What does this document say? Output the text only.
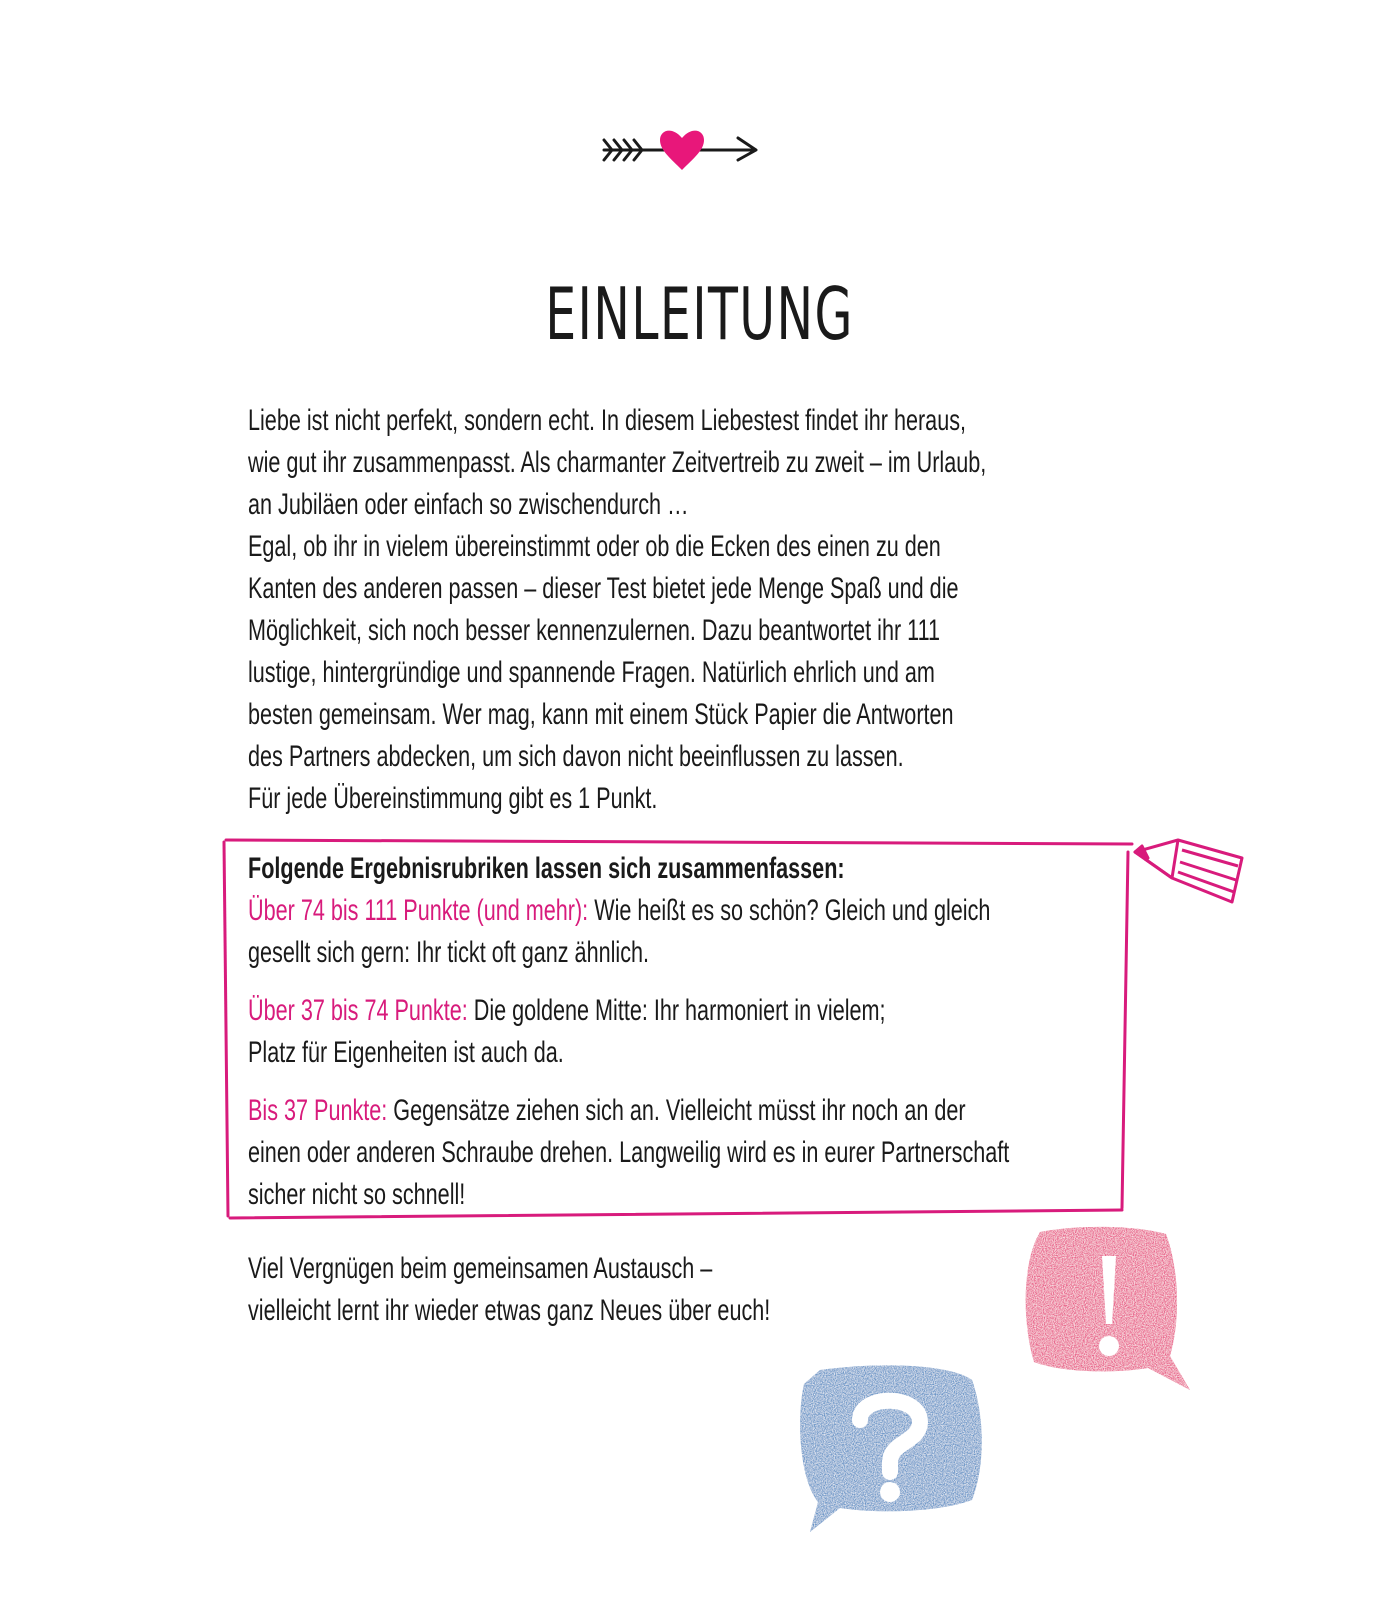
EINLEITUNG
Liebe ist nicht perfekt, sondern echt. In diesem Liebestest findet ihr heraus,
wie gut ihr zusammenpasst. Als charmanter Zeitvertreib zu zweit – im Urlaub,
an Jubiläen oder einfach so zwischendurch …
Egal, ob ihr in vielem übereinstimmt oder ob die Ecken des einen zu den
Kanten des anderen passen – dieser Test bietet jede Menge Spaß und die
Möglichkeit, sich noch besser kennenzulernen. Dazu beantwortet ihr 111
lustige, hintergründige und spannende Fragen. Natürlich ehrlich und am
besten gemeinsam. Wer mag, kann mit einem Stück Papier die Antworten
des Partners abdecken, um sich davon nicht beeinflussen zu lassen.
Für jede Übereinstimmung gibt es 1 Punkt.
Folgende Ergebnisrubriken lassen sich zusammenfassen:
Über 74 bis 111 Punkte (und mehr): Wie heißt es so schön? Gleich und gleich
gesellt sich gern: Ihr tickt oft ganz ähnlich.
Über 37 bis 74 Punkte: Die goldene Mitte: Ihr harmoniert in vielem;
Platz für Eigenheiten ist auch da.
Bis 37 Punkte: Gegensätze ziehen sich an. Vielleicht müsst ihr noch an der
einen oder anderen Schraube drehen. Langweilig wird es in eurer Partnerschaft
sicher nicht so schnell!
Viel Vergnügen beim gemeinsamen Austausch –
vielleicht lernt ihr wieder etwas ganz Neues über euch!
